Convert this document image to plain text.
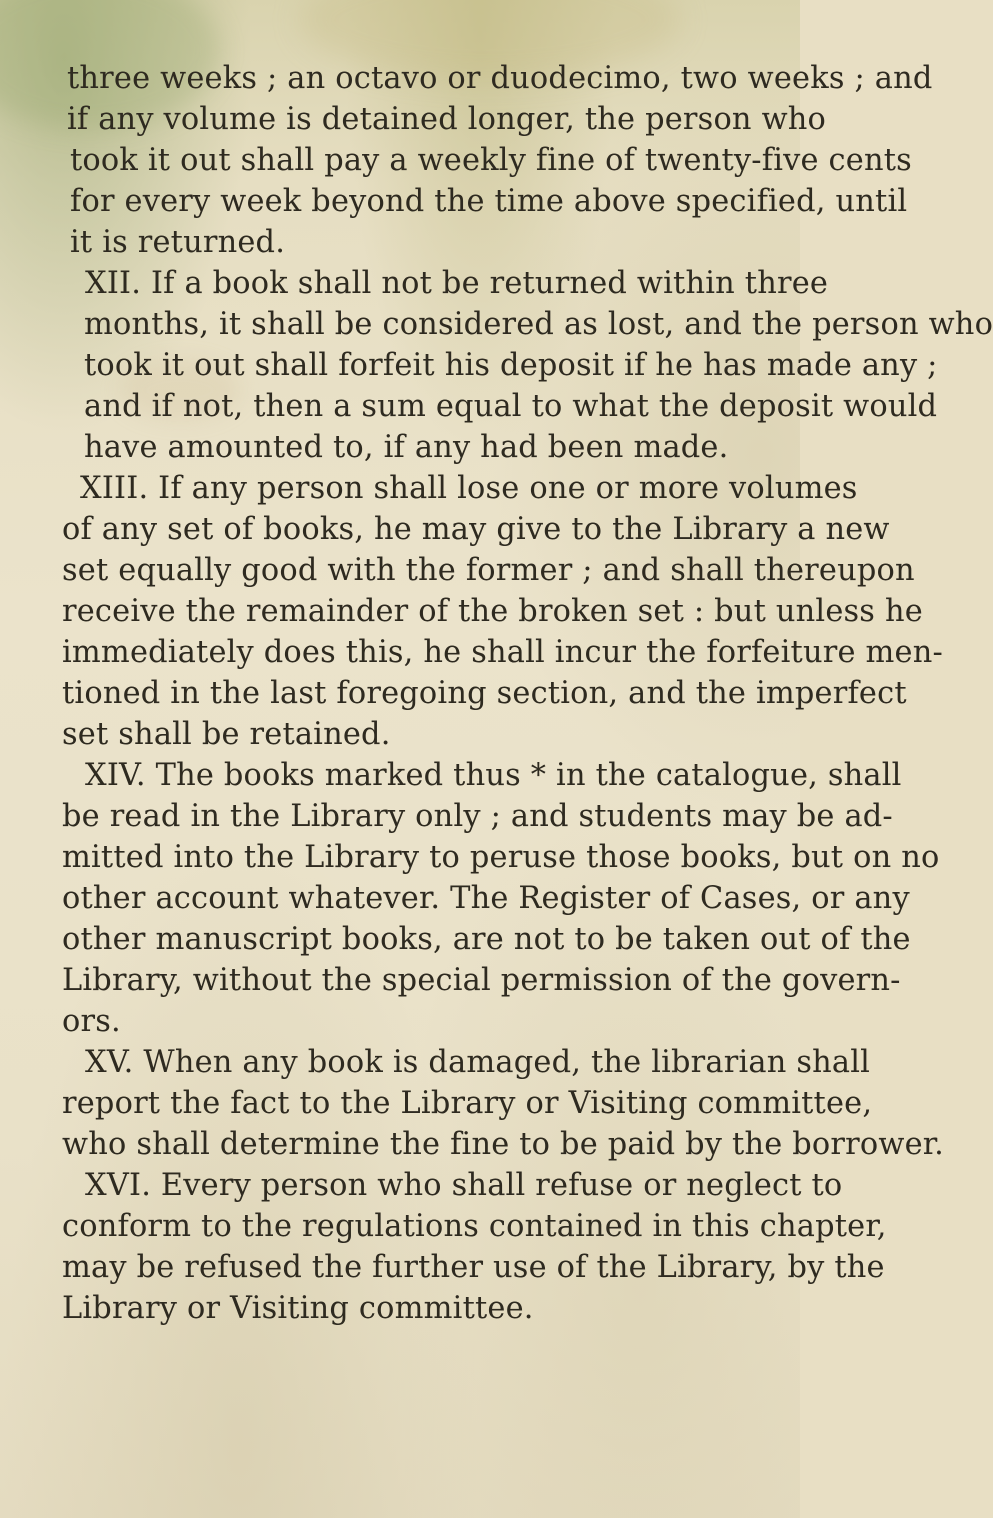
three weeks ; an octavo or duodecimo, two weeks ; and
if any volume is detained longer, the person who
took it out shall pay a weekly fine of twenty-five cents
for every week beyond the time above specified, until
it is returned.
XII. If a book shall not be returned within three
months, it shall be considered as lost, and the person who
took it out shall forfeit his deposit if he has made any ;
and if not, then a sum equal to what the deposit would
have amounted to, if any had been made.
XIII. If any person shall lose one or more volumes
of any set of books, he may give to the Library a new
set equally good with the former ; and shall thereupon
receive the remainder of the broken set : but unless he
immediately does this, he shall incur the forfeiture men-
tioned in the last foregoing section, and the imperfect
set shall be retained.
XIV. The books marked thus * in the catalogue, shall
be read in the Library only ; and students may be ad-
mitted into the Library to peruse those books, but on no
other account whatever. The Register of Cases, or any
other manuscript books, are not to be taken out of the
Library, without the special permission of the govern-
ors.
XV. When any book is damaged, the librarian shall
report the fact to the Library or Visiting committee,
who shall determine the fine to be paid by the borrower.
XVI. Every person who shall refuse or neglect to
conform to the regulations contained in this chapter,
may be refused the further use of the Library, by the
Library or Visiting committee.
